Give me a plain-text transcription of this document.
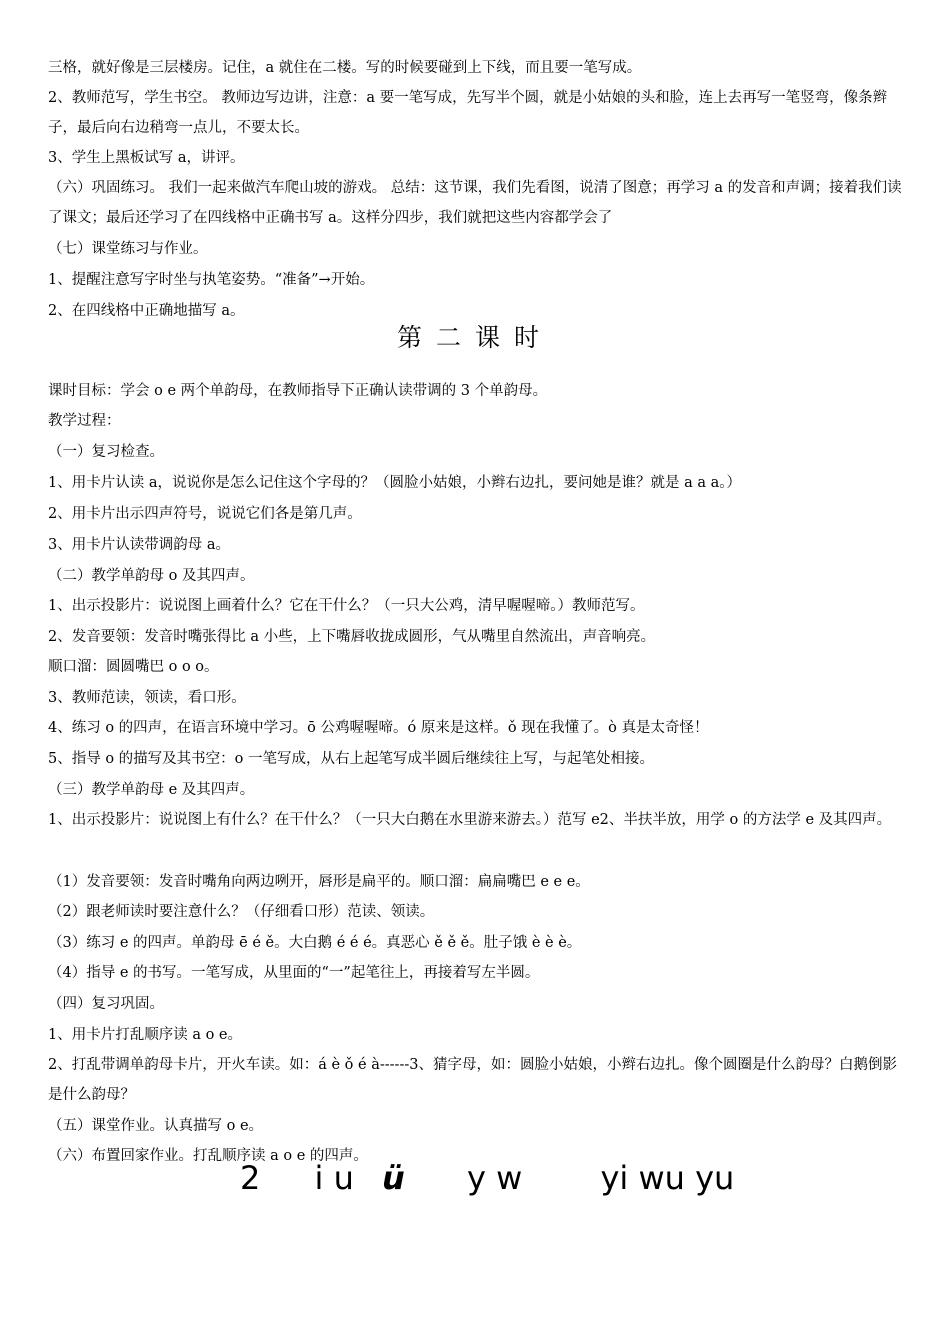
三格，就好像是三层楼房。记住，a 就住在二楼。写的时候要碰到上下线，而且要一笔写成。
2、教师范写，学生书空。 教师边写边讲，注意：a 要一笔写成，先写半个圆，就是小姑娘的头和脸，连上去再写一笔竖弯，像条辫子，最后向右边稍弯一点儿，不要太长。
3、学生上黑板试写 a，讲评。
（六）巩固练习。 我们一起来做汽车爬山坡的游戏。 总结：这节课，我们先看图，说清了图意；再学习 a 的发音和声调；接着我们读了课文；最后还学习了在四线格中正确书写 a。这样分四步，我们就把这些内容都学会了
（七）课堂练习与作业。
1、提醒注意写字时坐与执笔姿势。“准备”→开始。
2、在四线格中正确地描写 a。
第二课时
课时目标：学会 o e 两个单韵母，在教师指导下正确认读带调的 3 个单韵母。
教学过程：
（一）复习检查。
1、用卡片认读 a，说说你是怎么记住这个字母的？（圆脸小姑娘，小辫右边扎，要问她是谁？就是 a a a。）
2、用卡片出示四声符号，说说它们各是第几声。
3、用卡片认读带调韵母 a。
（二）教学单韵母 o 及其四声。
1、出示投影片：说说图上画着什么？它在干什么？（一只大公鸡，清早喔喔啼。）教师范写。
2、发音要领：发音时嘴张得比 a 小些，上下嘴唇收拢成圆形，气从嘴里自然流出，声音响亮。
顺口溜：圆圆嘴巴 o o o。
3、教师范读，领读，看口形。
4、练习 o 的四声，在语言环境中学习。ō 公鸡喔喔啼。ó 原来是这样。ǒ 现在我懂了。ò 真是太奇怪！
5、指导 o 的描写及其书空：o 一笔写成，从右上起笔写成半圆后继续往上写，与起笔处相接。
（三）教学单韵母 e 及其四声。
1、出示投影片：说说图上有什么？在干什么？（一只大白鹅在水里游来游去。）范写 e2、半扶半放，用学 o 的方法学 e 及其四声。
（1）发音要领：发音时嘴角向两边咧开，唇形是扁平的。顺口溜：扁扁嘴巴 e e e。
（2）跟老师读时要注意什么？（仔细看口形）范读、领读。
（3）练习 e 的四声。单韵母 ē é ě。大白鹅 é é é。真恶心 ě ě ě。肚子饿 è è è。
（4）指导 e 的书写。一笔写成，从里面的“一”起笔往上，再接着写左半圆。
（四）复习巩固。
1、用卡片打乱顺序读 a o e。
2、打乱带调单韵母卡片，开火车读。如：á è ǒ é à------3、猜字母，如：圆脸小姑娘，小辫右边扎。像个圆圈是什么韵母？白鹅倒影是什么韵母？
（五）课堂作业。认真描写 o e。
（六）布置回家作业。打乱顺序读 a o e 的四声。
2 i u ü y w yi wu yu
